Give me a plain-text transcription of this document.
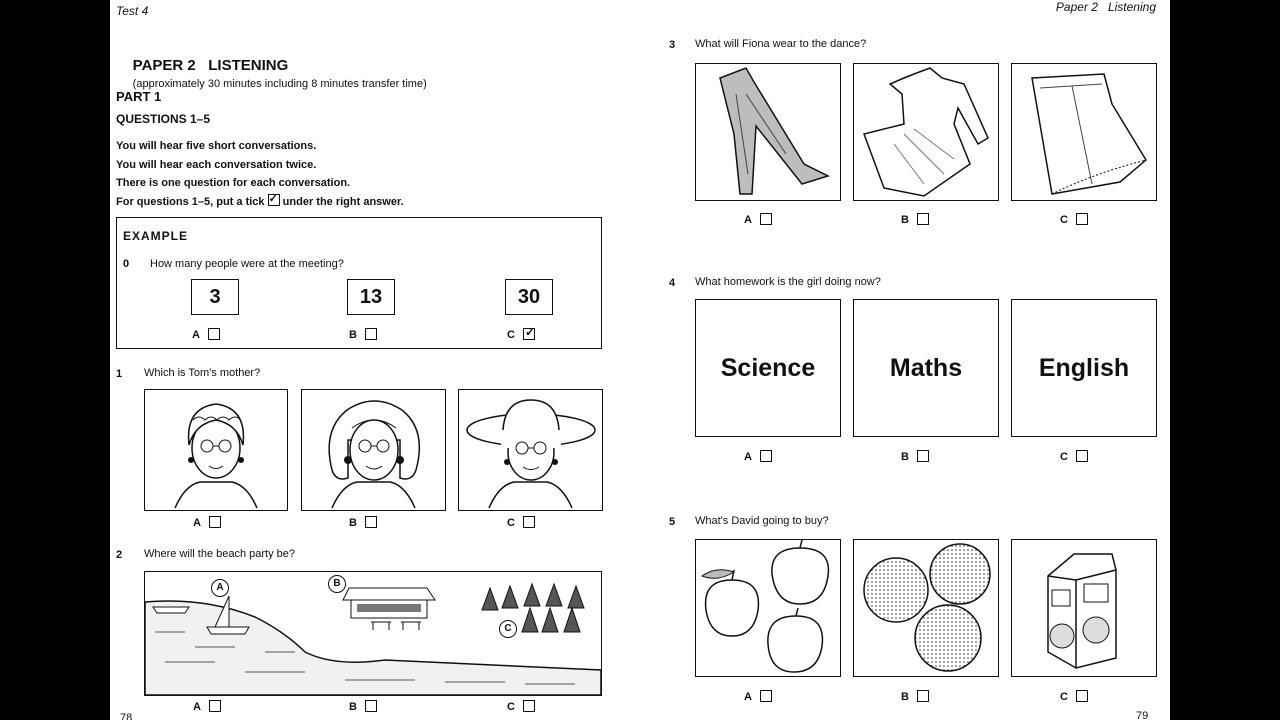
Test 4

PAPER 2   LISTENING
(approximately 30 minutes including 8 minutes transfer time)

PART 1
QUESTIONS 1–5
You will hear five short conversations.
You will hear each conversation twice.
There is one question for each conversation.
For questions 1–5, put a tick ✓ under the right answer.
EXAMPLE
0 How many people were at the meeting?
3	13	30
A	B	C✓
1 Which is Tom's mother?
A	B	C
2 Where will the beach party be?
A	B
C
A	B	C
78
Paper 2   Listening
3 What will Fiona wear to the dance?
A	B	C
4 What homework is the girl doing now?
Science	Maths	English
A	B	C
5 What's David going to buy?
A	B	C
79
